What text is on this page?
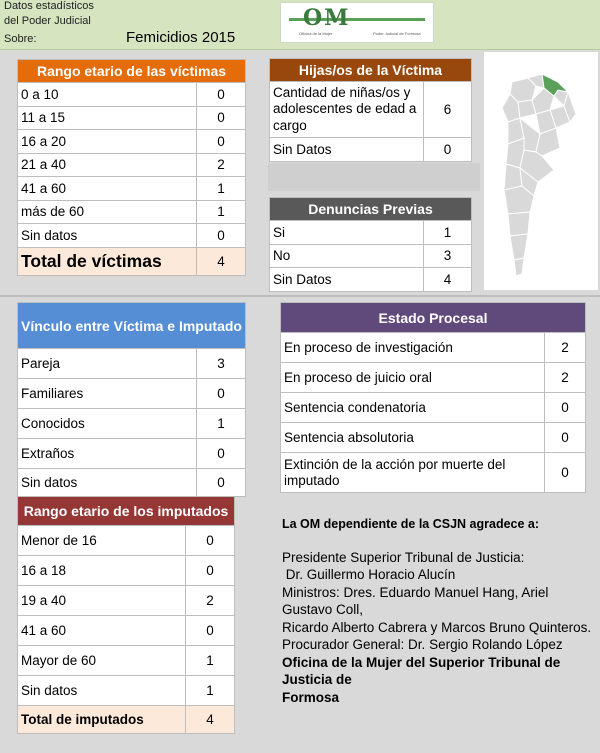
Datos estadísticos
del Poder Judicial
Sobre:	Femicidios 2015
OM
Oficina de la Mujer	Poder Judicial de Formosa
Rango etario de las víctimas	
0 a 10	0
11 a 15	0
16 a 20	0
21 a 40	2
41 a 60	1
más de 60	1
Sin datos	0
Total de víctimas	4
Hijas/os de la Víctima	
Cantidad de niñas/os y adolescentes de edad a cargo	6
Sin Datos	0
Denuncias Previas	
Si	1
No	3
Sin Datos	4
Vínculo entre Víctima e Imputado	
Pareja	3
Familiares	0
Conocidos	1
Extraños	0
Sin datos	0
Estado Procesal	
En proceso de investigación	2
En proceso de juicio oral	2
Sentencia condenatoria	0
Sentencia absolutoria	0
Extinción de la acción por muerte del imputado	0
Rango etario de los imputados	
Menor de 16	0
16 a 18	0
19 a 40	2
41 a 60	0
Mayor de 60	1
Sin datos	1
Total de imputados	4
La OM dependiente de la CSJN agradece a:
Presidente Superior Tribunal de Justicia:
Dr. Guillermo Horacio Alucín
Ministros: Dres. Eduardo Manuel Hang, Ariel Gustavo Coll,
Ricardo Alberto Cabrera y Marcos Bruno Quinteros.
Procurador General: Dr. Sergio Rolando López
Oficina de la Mujer del Superior Tribunal de Justicia de
Formosa
